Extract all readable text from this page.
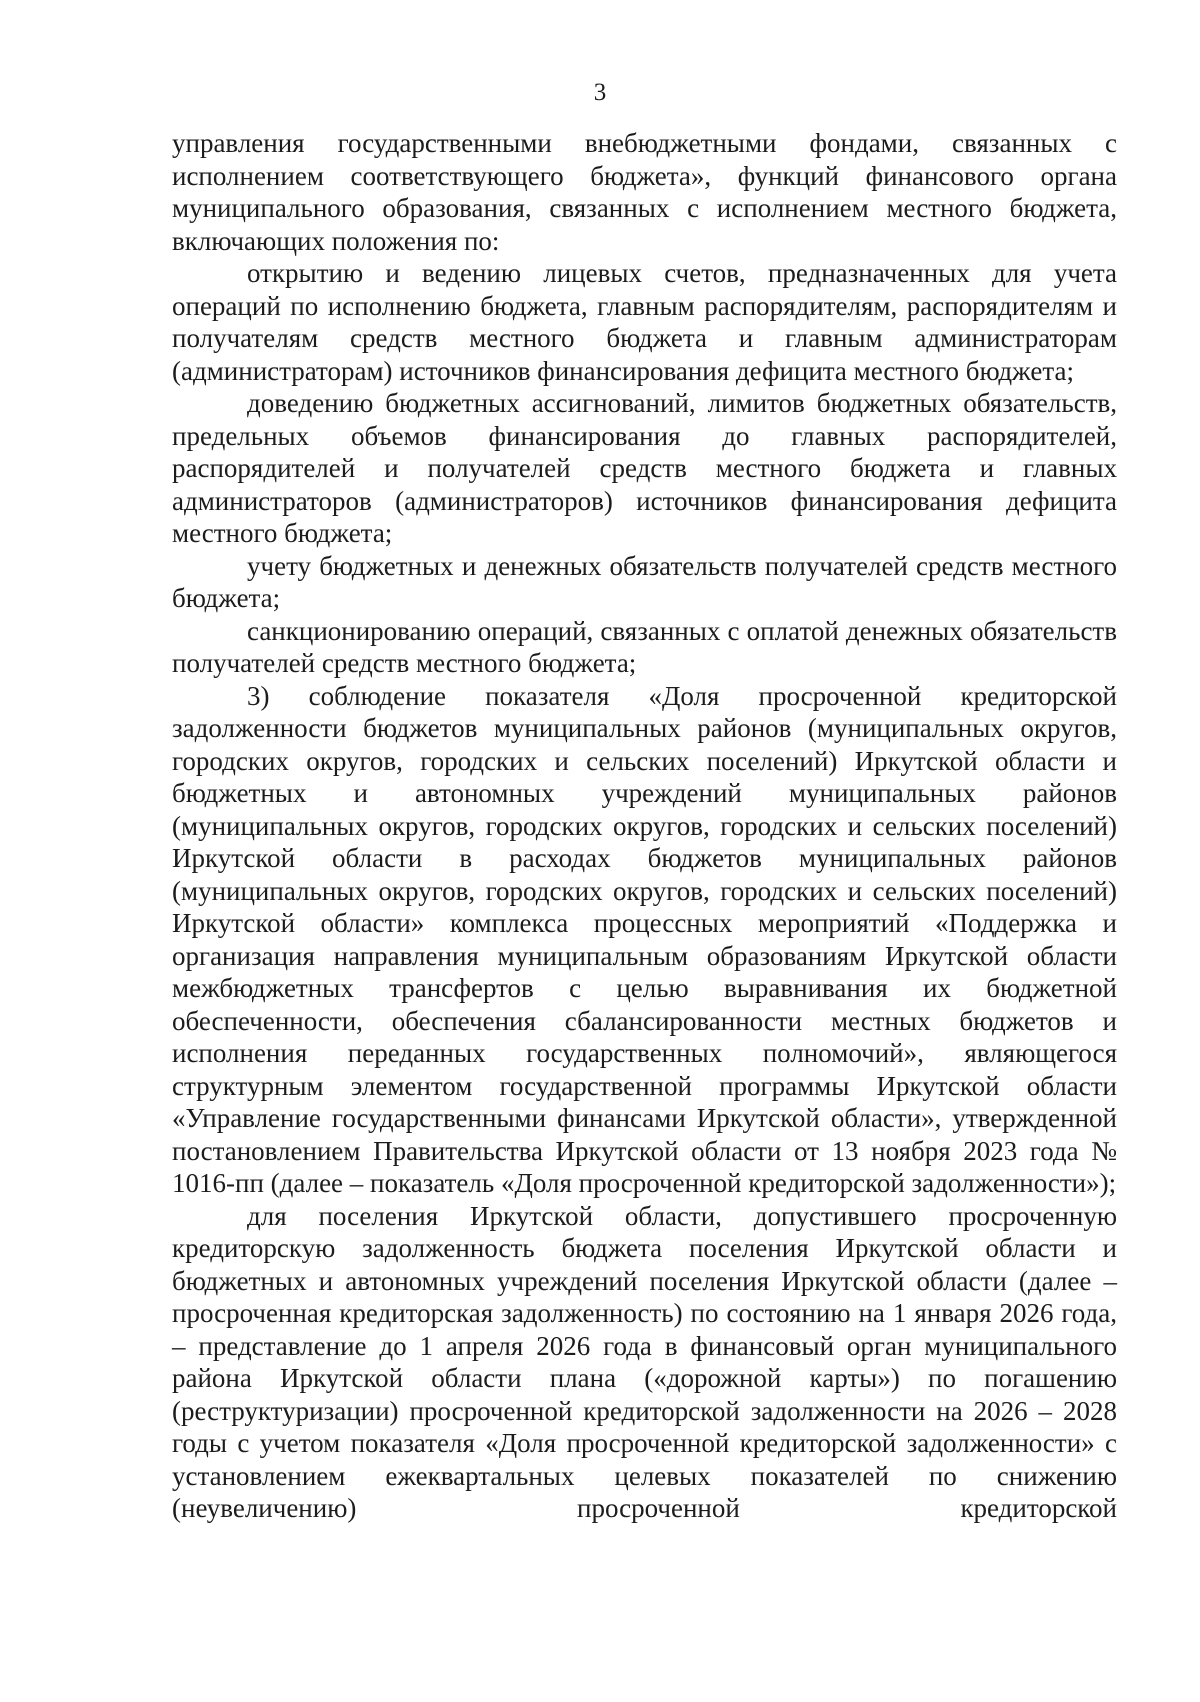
3

управления государственными внебюджетными фондами, связанных с исполнением соответствующего бюджета», функций финансового органа муниципального образования, связанных с исполнением местного бюджета, включающих положения по:

открытию и ведению лицевых счетов, предназначенных для учета операций по исполнению бюджета, главным распорядителям, распорядителям и получателям средств местного бюджета и главным администраторам (администраторам) источников финансирования дефицита местного бюджета;

доведению бюджетных ассигнований, лимитов бюджетных обязательств, предельных объемов финансирования до главных распорядителей, распорядителей и получателей средств местного бюджета и главных администраторов (администраторов) источников финансирования дефицита местного бюджета;

учету бюджетных и денежных обязательств получателей средств местного бюджета;

санкционированию операций, связанных с оплатой денежных обязательств получателей средств местного бюджета;

3) соблюдение показателя «Доля просроченной кредиторской задолженности бюджетов муниципальных районов (муниципальных округов, городских округов, городских и сельских поселений) Иркутской области и бюджетных и автономных учреждений муниципальных районов (муниципальных округов, городских округов, городских и сельских поселений) Иркутской области в расходах бюджетов муниципальных районов (муниципальных округов, городских округов, городских и сельских поселений) Иркутской области» комплекса процессных мероприятий «Поддержка и организация направления муниципальным образованиям Иркутской области межбюджетных трансфертов с целью выравнивания их бюджетной обеспеченности, обеспечения сбалансированности местных бюджетов и исполнения переданных государственных полномочий», являющегося структурным элементом государственной программы Иркутской области «Управление государственными финансами Иркутской области», утвержденной постановлением Правительства Иркутской области от 13 ноября 2023 года № 1016-пп (далее – показатель «Доля просроченной кредиторской задолженности»);

для поселения Иркутской области, допустившего просроченную кредиторскую задолженность бюджета поселения Иркутской области и бюджетных и автономных учреждений поселения Иркутской области (далее – просроченная кредиторская задолженность) по состоянию на 1 января 2026 года, – представление до 1 апреля 2026 года в финансовый орган муниципального района Иркутской области плана («дорожной карты») по погашению (реструктуризации) просроченной кредиторской задолженности на 2026 – 2028 годы с учетом показателя «Доля просроченной кредиторской задолженности» с установлением ежеквартальных целевых показателей по снижению (неувеличению) просроченной кредиторской
